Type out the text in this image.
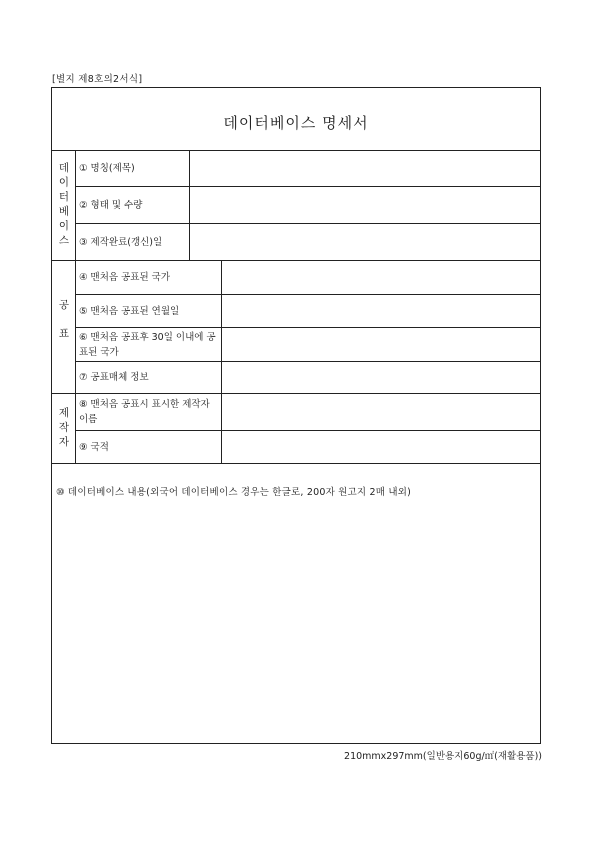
[별지 제8호의2서식]
데이터베이스 명세서
데이터베이스	① 명칭(제목)
② 형태 및 수량
③ 제작완료(갱신)일
공표
④ 맨처음 공표된 국가
⑤ 맨처음 공표된 연월일
⑥ 맨처음 공표후 30일 이내에 공표된 국가
⑦ 공표매체 정보
제작자
⑧ 맨처음 공표시 표시한 제작자 이름
⑨ 국적
⑩ 데이터베이스 내용(외국어 데이터베이스 경우는 한글로, 200자 원고지 2매 내외)
210mmx297mm(일반용지60g/㎡(재활용품))
